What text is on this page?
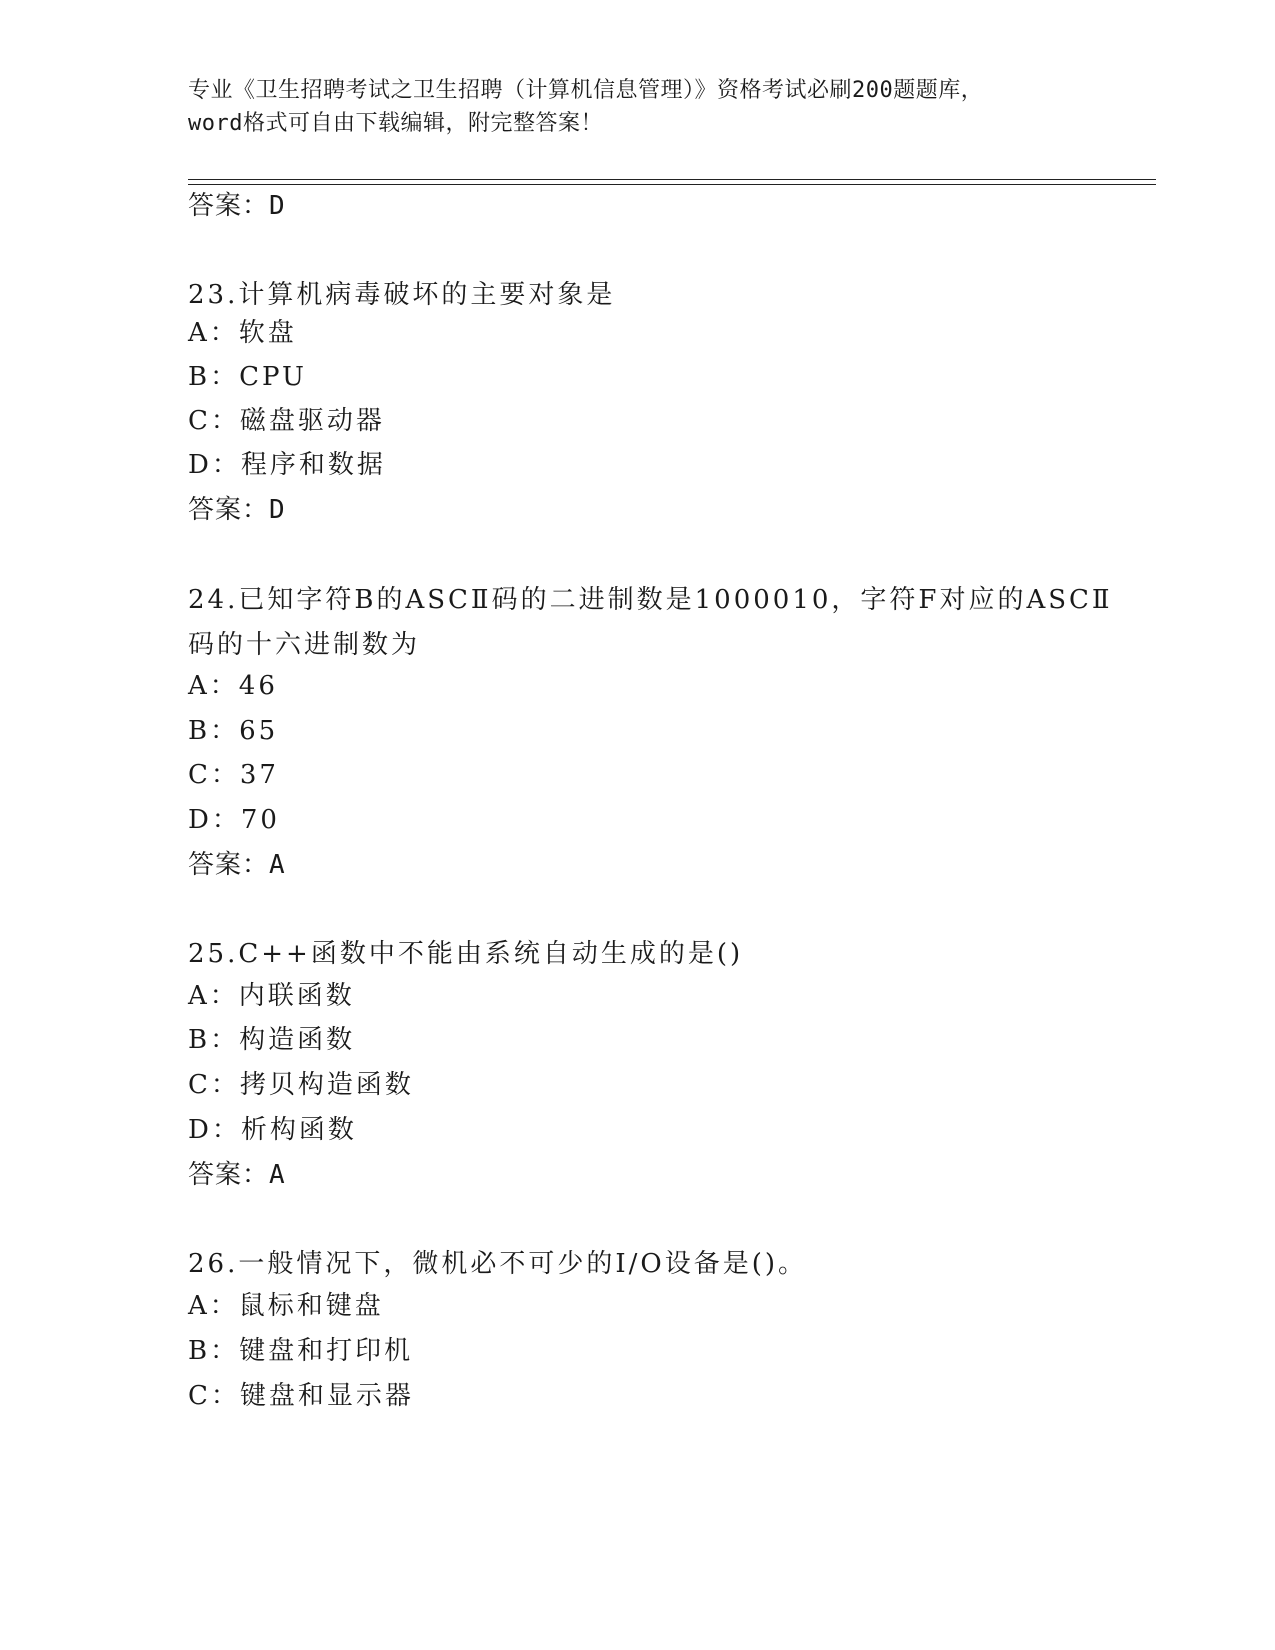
专业《卫生招聘考试之卫生招聘（计算机信息管理）》资格考试必刷200题题库，
word格式可自由下载编辑，附完整答案！
答案：D
23.计算机病毒破坏的主要对象是
A：软盘
B：CPU
C：磁盘驱动器
D：程序和数据
答案：D
24.已知字符B的ASCⅡ码的二进制数是1000010，字符F对应的ASCⅡ
码的十六进制数为
A：46
B：65
C：37
D：70
答案：A
25.C++函数中不能由系统自动生成的是()
A：内联函数
B：构造函数
C：拷贝构造函数
D：析构函数
答案：A
26.一般情况下，微机必不可少的I/O设备是()。
A：鼠标和键盘
B：键盘和打印机
C：键盘和显示器
